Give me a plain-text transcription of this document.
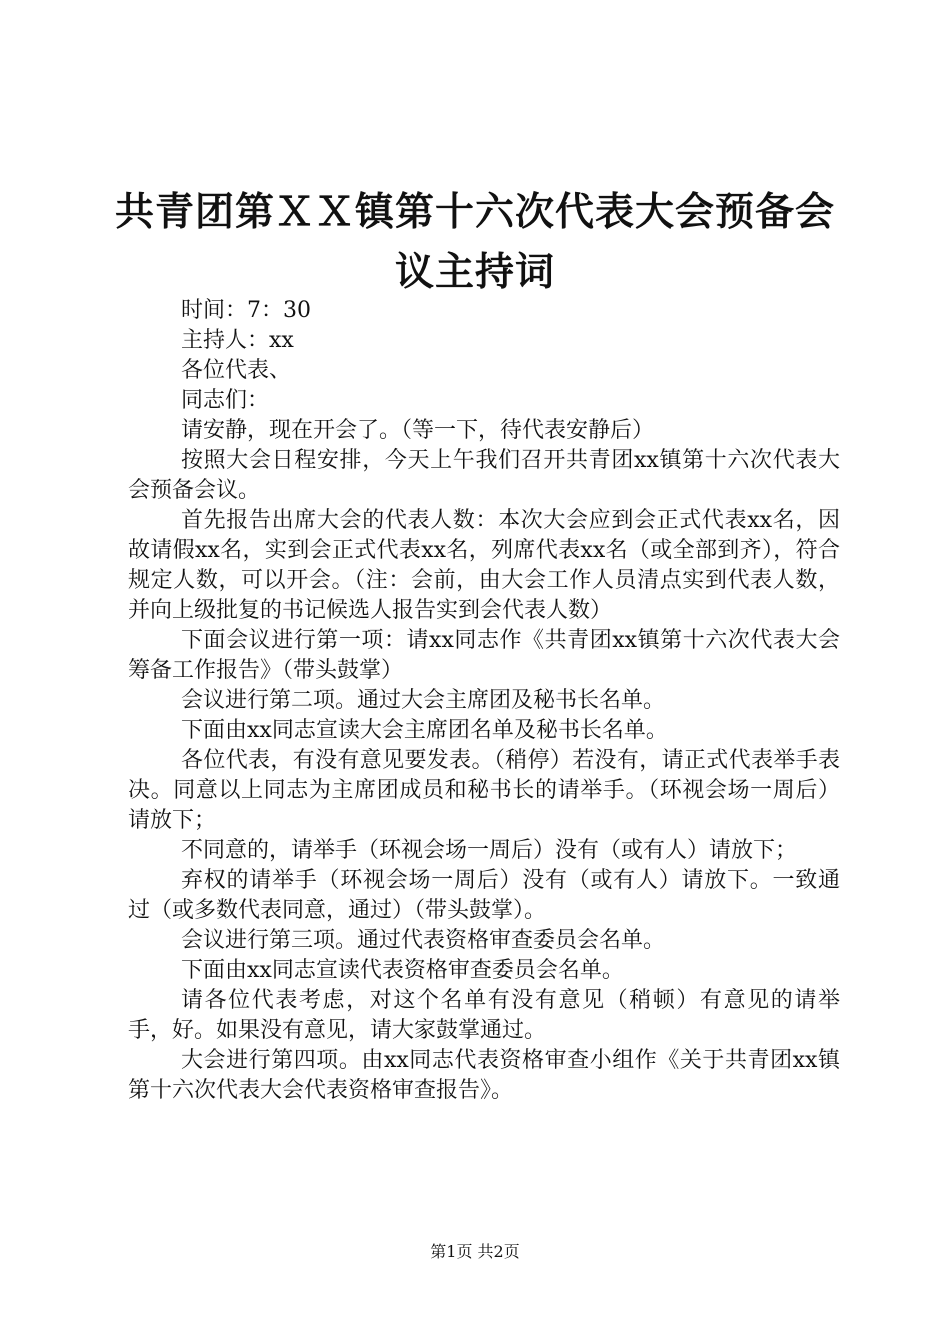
共青团第ＸＸ镇第十六次代表大会预备会议主持词

时间：7：30

主持人：xx

各位代表、

同志们：

请安静，现在开会了。（等一下，待代表安静后）

按照大会日程安排，今天上午我们召开共青团xx镇第十六次代表大会预备会议。

首先报告出席大会的代表人数：本次大会应到会正式代表xx名，因故请假xx名，实到会正式代表xx名，列席代表xx名（或全部到齐），符合规定人数，可以开会。（注：会前，由大会工作人员清点实到代表人数，并向上级批复的书记候选人报告实到会代表人数）

下面会议进行第一项：请xx同志作《共青团xx镇第十六次代表大会筹备工作报告》（带头鼓掌）

会议进行第二项。通过大会主席团及秘书长名单。

下面由xx同志宣读大会主席团名单及秘书长名单。

各位代表，有没有意见要发表。（稍停）若没有，请正式代表举手表决。同意以上同志为主席团成员和秘书长的请举手。（环视会场一周后）请放下；

不同意的，请举手（环视会场一周后）没有（或有人）请放下；

弃权的请举手（环视会场一周后）没有（或有人）请放下。一致通过（或多数代表同意，通过）（带头鼓掌）。

会议进行第三项。通过代表资格审查委员会名单。

下面由xx同志宣读代表资格审查委员会名单。

请各位代表考虑，对这个名单有没有意见（稍顿）有意见的请举手，好。如果没有意见，请大家鼓掌通过。

大会进行第四项。由xx同志代表资格审查小组作《关于共青团xx镇第十六次代表大会代表资格审查报告》。

第1页 共2页
